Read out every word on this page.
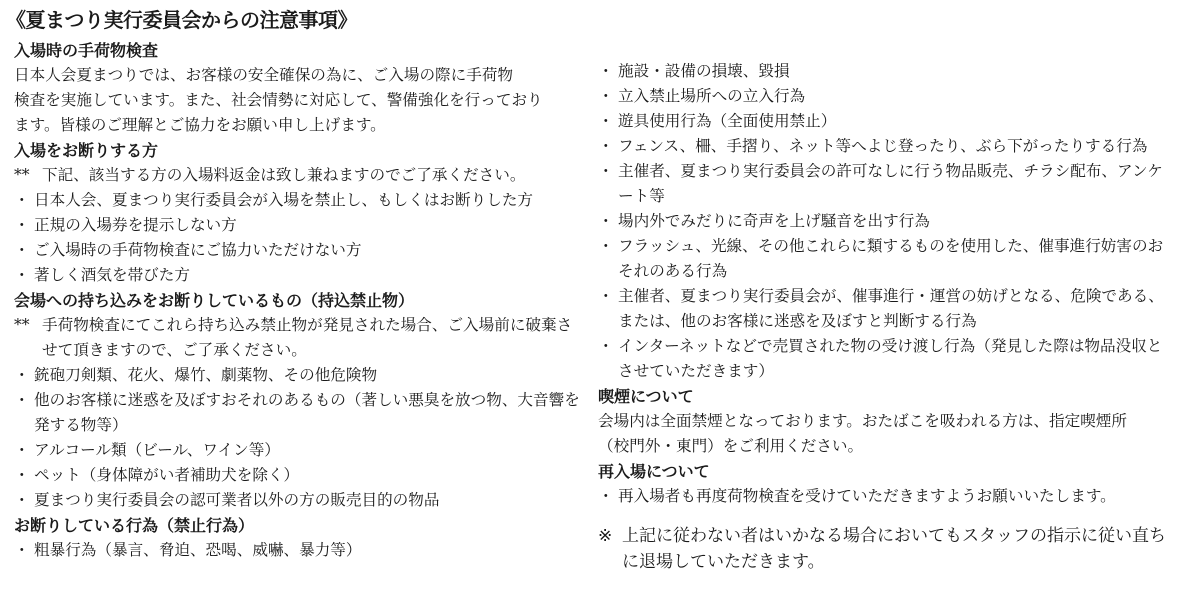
《夏まつり実行委員会からの注意事項》
入場時の手荷物検査
日本人会夏まつりでは、お客様の安全確保の為に、ご入場の際に手荷物
検査を実施しています。また、社会情勢に対応して、警備強化を行っており
ます。皆様のご理解とご協力をお願い申し上げます。
入場をお断りする方
** 下記、該当する方の入場料返金は致し兼ねますのでご了承ください。
・ 日本人会、夏まつり実行委員会が入場を禁止し、もしくはお断りした方
・ 正規の入場券を提示しない方
・ ご入場時の手荷物検査にご協力いただけない方
・ 著しく酒気を帯びた方
会場への持ち込みをお断りしているもの（持込禁止物）
** 手荷物検査にてこれら持ち込み禁止物が発見された場合、ご入場前に破棄させて頂きますので、ご了承ください。
・ 銃砲刀剣類、花火、爆竹、劇薬物、その他危険物
・ 他のお客様に迷惑を及ぼすおそれのあるもの（著しい悪臭を放つ物、大音響を発する物等）
・ アルコール類（ビール、ワイン等）
・ ペット（身体障がい者補助犬を除く）
・ 夏まつり実行委員会の認可業者以外の方の販売目的の物品
お断りしている行為（禁止行為）
・ 粗暴行為（暴言、脅迫、恐喝、威嚇、暴力等）
・ 施設・設備の損壊、毀損
・ 立入禁止場所への立入行為
・ 遊具使用行為（全面使用禁止）
・ フェンス、柵、手摺り、ネット等へよじ登ったり、ぶら下がったりする行為
・ 主催者、夏まつり実行委員会の許可なしに行う物品販売、チラシ配布、アンケート等
・ 場内外でみだりに奇声を上げ騒音を出す行為
・ フラッシュ、光線、その他これらに類するものを使用した、催事進行妨害のおそれのある行為
・ 主催者、夏まつり実行委員会が、催事進行・運営の妨げとなる、危険である、または、他のお客様に迷惑を及ぼすと判断する行為
・ インターネットなどで売買された物の受け渡し行為（発見した際は物品没収とさせていただきます）
喫煙について
会場内は全面禁煙となっております。おたばこを吸われる方は、指定喫煙所
（校門外・東門）をご利用ください。
再入場について
・ 再入場者も再度荷物検査を受けていただきますようお願いいたします。
※ 上記に従わない者はいかなる場合においてもスタッフの指示に従い直ちに退場していただきます。
